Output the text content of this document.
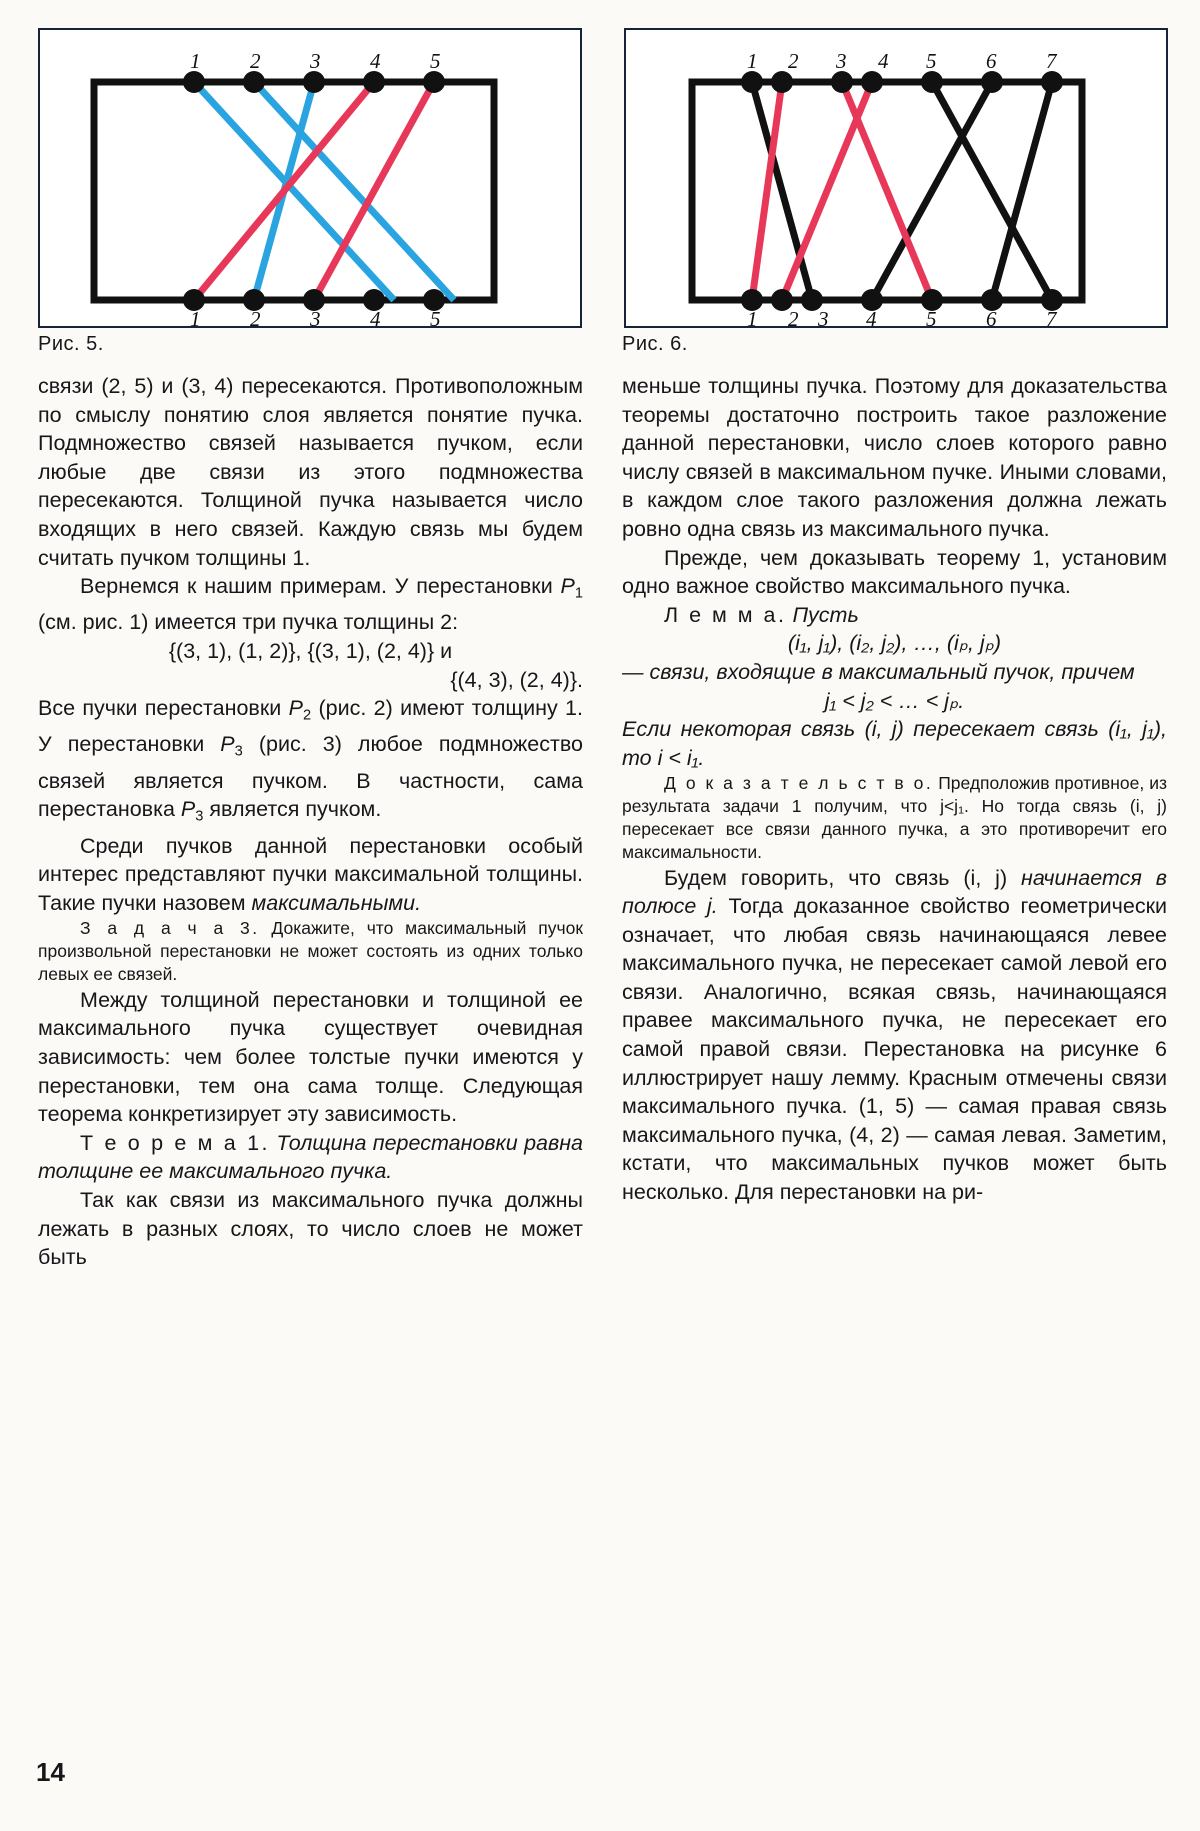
1 2 3 4 5
1 2 3 4 5
1 2 3 4 5 6 7
1 2 3 4 5 6 7
Рис. 5.	Рис. 6.

связи (2, 5) и (3, 4) пересекаются. Противоположным по смыслу понятию слоя является понятие пучка. Подмножество связей называется пучком, если любые две связи из этого подмножества пересекаются. Толщиной пучка называется число входящих в него связей. Каждую связь мы будем считать пучком толщины 1.

Вернемся к нашим примерам. У перестановки $P_1$ (см. рис. 1) имеется три пучка толщины 2:

{(3, 1), (1, 2)}, {(3, 1), (2, 4)} и

{(4, 3), (2, 4)}.

Все пучки перестановки $P_2$ (рис. 2) имеют толщину 1. У перестановки $P_3$ (рис. 3) любое подмножество связей является пучком. В частности, сама перестановка $P_3$ является пучком.

Среди пучков данной перестановки особый интерес представляют пучки максимальной толщины. Такие пучки назовем максимальными.

З а д а ч а 3. Докажите, что максимальный пучок произвольной перестановки не может состоять из одних только левых ее связей.

Между толщиной перестановки и толщиной ее максимального пучка существует очевидная зависимость: чем более толстые пучки имеются у перестановки, тем она сама толще. Следующая теорема конкретизирует эту зависимость.

Т е о р е м а 1. Толщина перестановки равна толщине ее максимального пучка.

Так как связи из максимального пучка должны лежать в разных слоях, то число слоев не может быть

меньше толщины пучка. Поэтому для доказательства теоремы достаточно построить такое разложение данной перестановки, число слоев которого равно числу связей в максимальном пучке. Иными словами, в каждом слое такого разложения должна лежать ровно одна связь из максимального пучка.

Прежде, чем доказывать теорему 1, установим одно важное свойство максимального пучка.

Л е м м а. Пусть

(i₁, j₁), (i₂, j₂), …, (iₚ, jₚ)

— связи, входящие в максимальный пучок, причем

j₁ < j₂ < … < jₚ.

Если некоторая связь (i, j) пересекает связь (i₁, j₁), то i < i₁.

Д о к а з а т е л ь с т в о. Предположив противное, из результата задачи 1 получим, что j<j₁. Но тогда связь (i, j) пересекает все связи данного пучка, а это противоречит его максимальности.

Будем говорить, что связь (i, j) начинается в полюсе j. Тогда доказанное свойство геометрически означает, что любая связь начинающаяся левее максимального пучка, не пересекает самой левой его связи. Аналогично, всякая связь, начинающаяся правее максимального пучка, не пересекает его самой правой связи. Перестановка на рисунке 6 иллюстрирует нашу лемму. Красным отмечены связи максимального пучка. (1, 5) — самая правая связь максимального пучка, (4, 2) — самая левая. Заметим, кстати, что максимальных пучков может быть несколько. Для перестановки на ри-

14
